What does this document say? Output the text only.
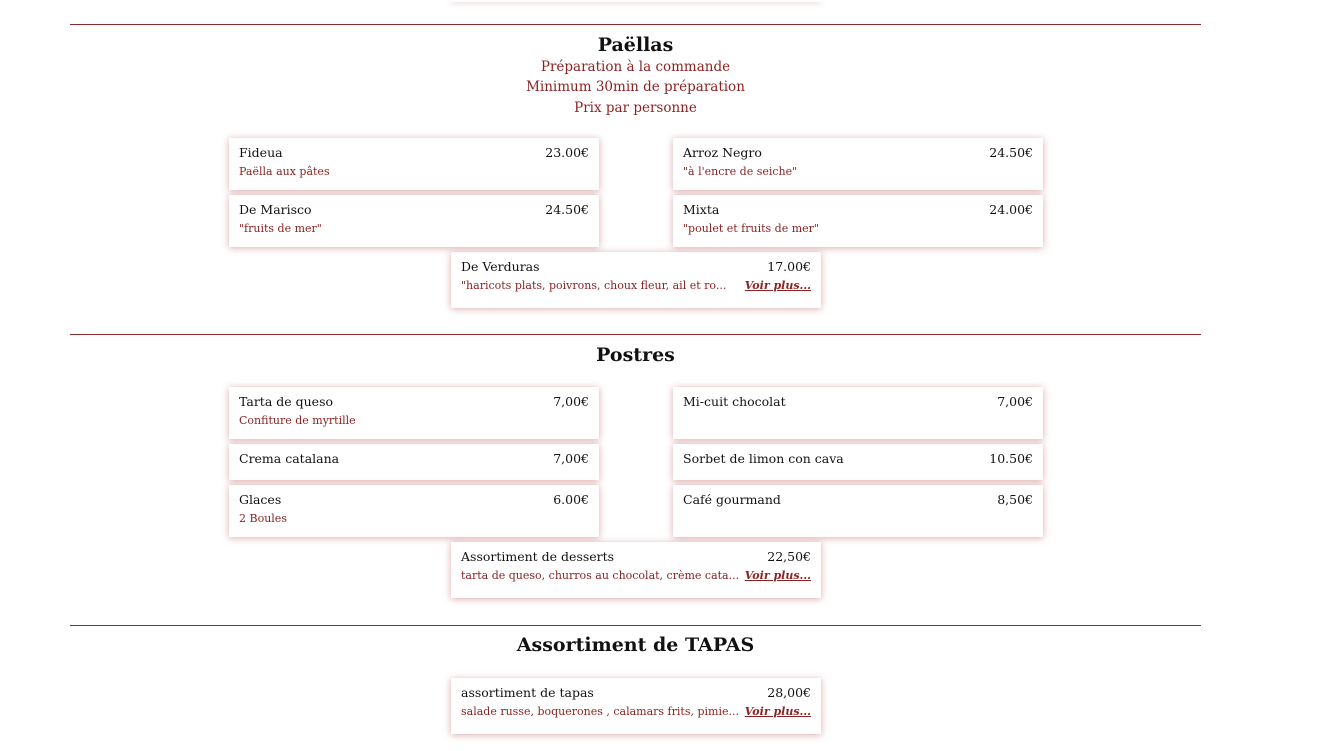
Paëllas
Préparation à la commande
Minimum 30min de préparation
Prix par personne
Fideua	23.00€
Paëlla aux pâtes
Arroz Negro	24.50€
"à l'encre de seiche"
De Marisco	24.50€
"fruits de mer"
Mixta	24.00€
"poulet et fruits de mer"
De Verduras	17.00€
"haricots plats, poivrons, choux fleur, ail et ro... Voir plus...
Postres
Tarta de queso	7,00€
Confiture de myrtille
Mi-cuit chocolat	7,00€
Crema catalana	7,00€	Sorbet de limon con cava	10.50€
Glaces	6.00€
2 Boules
Café gourmand	8,50€
Assortiment de desserts	22,50€
tarta de queso, churros au chocolat, crème cata... Voir plus...
Assortiment de TAPAS
assortiment de tapas	28,00€
salade russe, boquerones , calamars frits, pimie... Voir plus...
